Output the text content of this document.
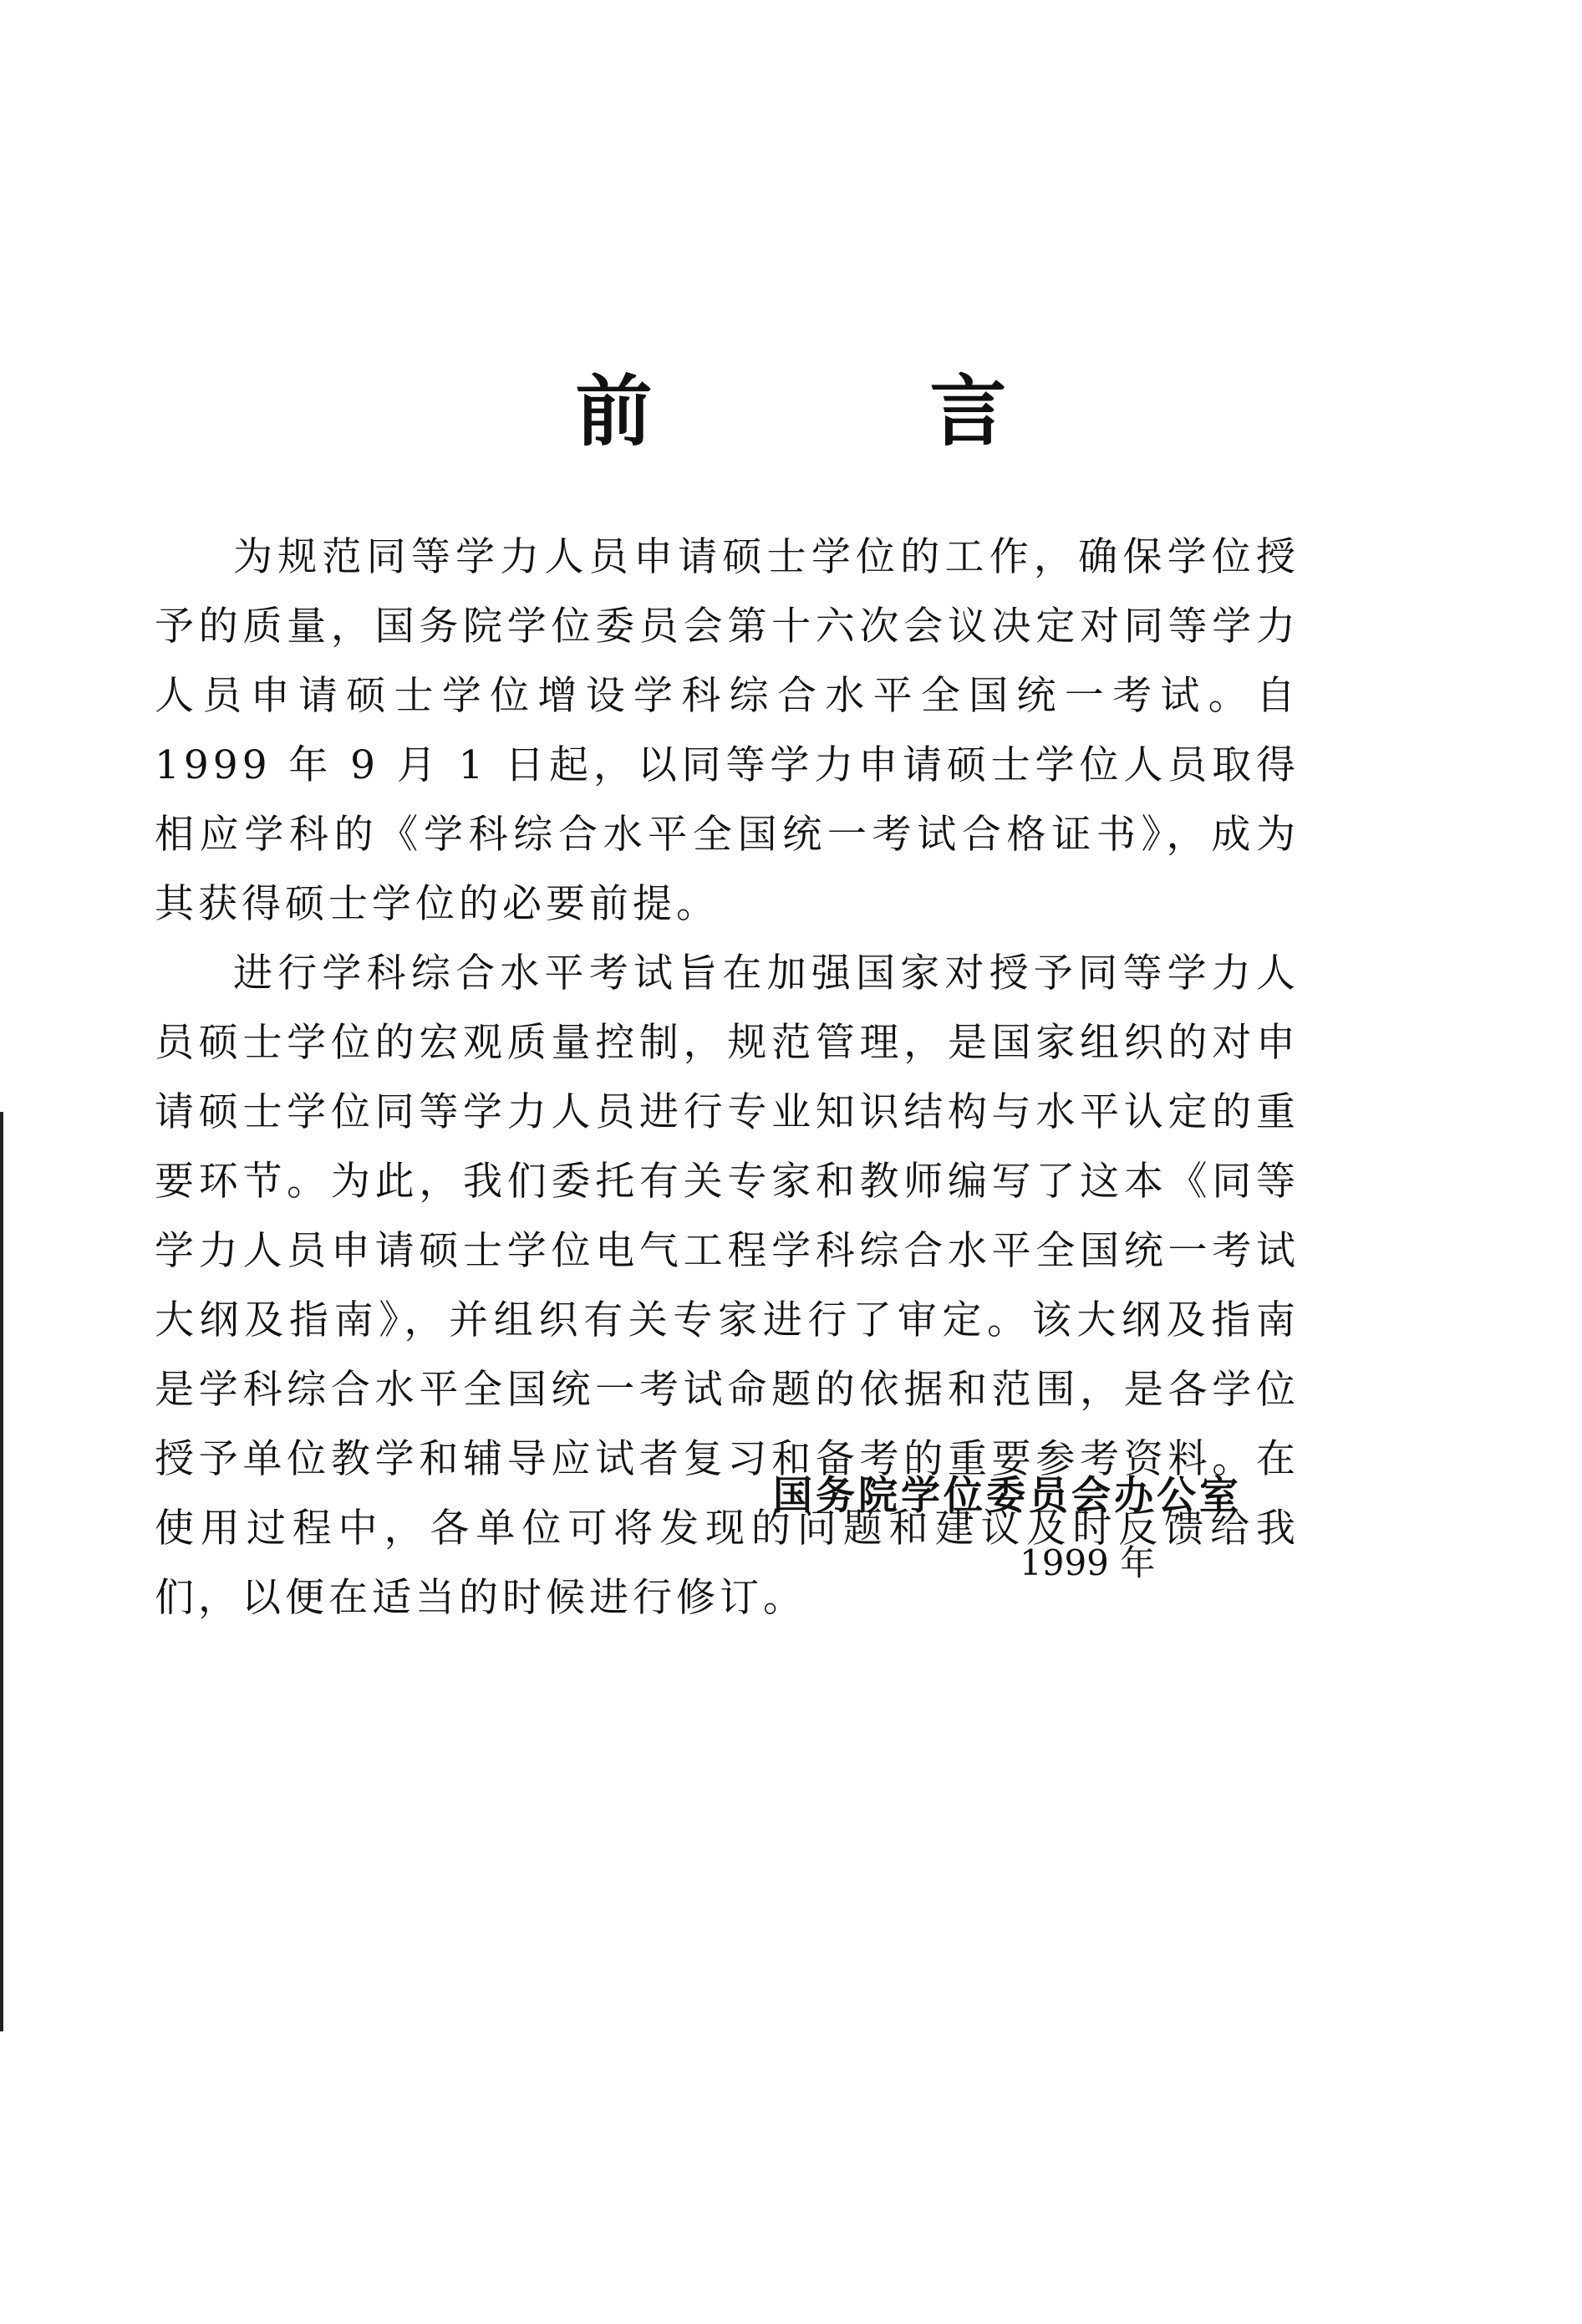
前 言

为规范同等学力人员申请硕士学位的工作，确保学位授予的质量，国务院学位委员会第十六次会议决定对同等学力人员申请硕士学位增设学科综合水平全国统一考试。自 1999 年 9 月 1 日起，以同等学力申请硕士学位人员取得相应学科的《学科综合水平全国统一考试合格证书》，成为其获得硕士学位的必要前提。

进行学科综合水平考试旨在加强国家对授予同等学力人员硕士学位的宏观质量控制，规范管理，是国家组织的对申请硕士学位同等学力人员进行专业知识结构与水平认定的重要环节。为此，我们委托有关专家和教师编写了这本《同等学力人员申请硕士学位电气工程学科综合水平全国统一考试大纲及指南》，并组织有关专家进行了审定。该大纲及指南是学科综合水平全国统一考试命题的依据和范围，是各学位授予单位教学和辅导应试者复习和备考的重要参考资料。在使用过程中，各单位可将发现的问题和建议及时反馈给我们，以便在适当的时候进行修订。

国务院学位委员会办公室
1999 年
